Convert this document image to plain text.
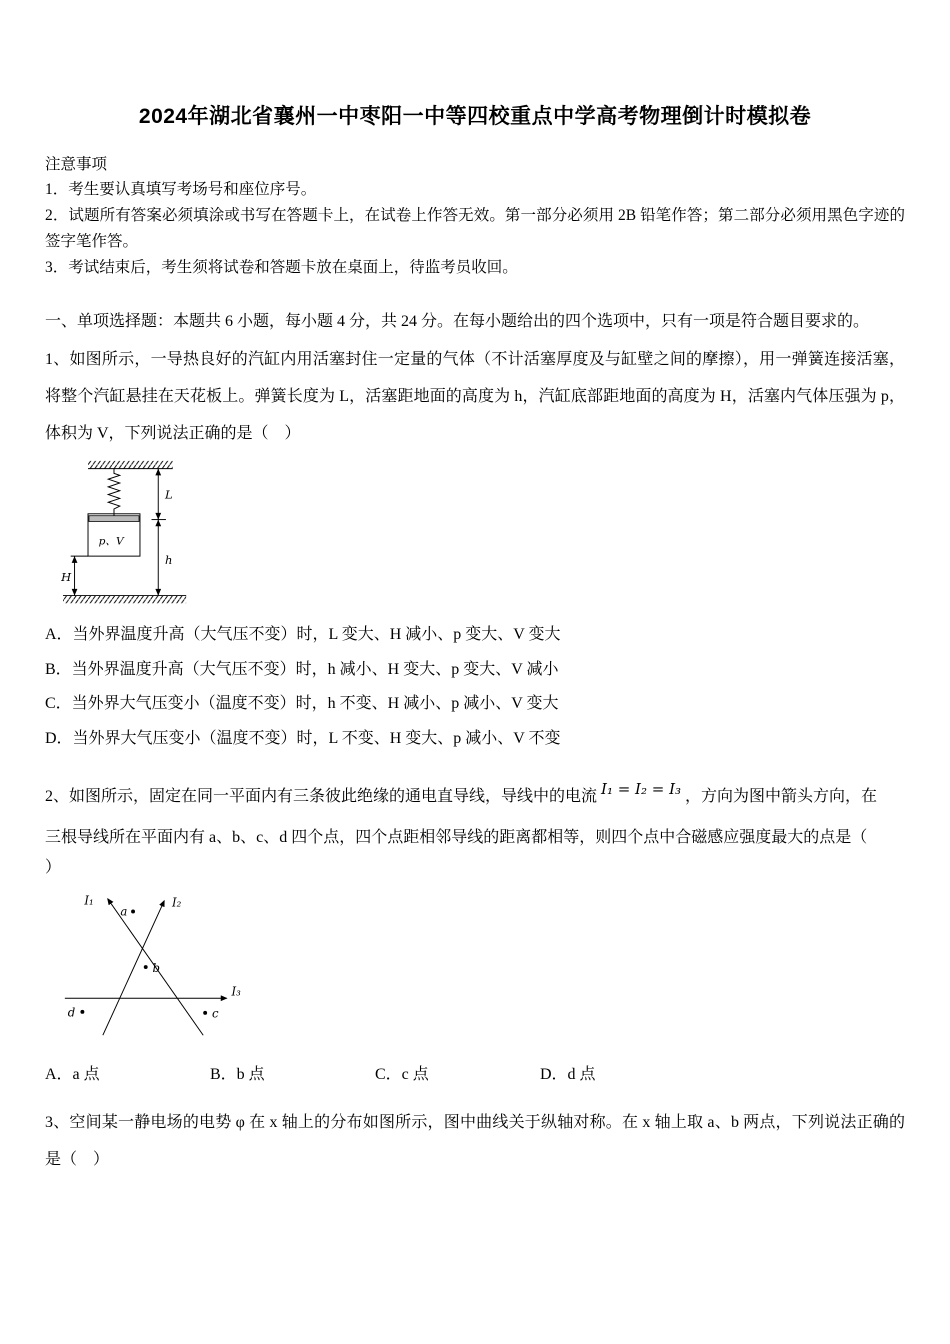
2024年湖北省襄州一中枣阳一中等四校重点中学高考物理倒计时模拟卷

注意事项

1．考生要认真填写考场号和座位序号。

2．试题所有答案必须填涂或书写在答题卡上，在试卷上作答无效。第一部分必须用 2B 铅笔作答；第二部分必须用黑色字迹的签字笔作答。

3．考试结束后，考生须将试卷和答题卡放在桌面上，待监考员收回。

一、单项选择题：本题共 6 小题，每小题 4 分，共 24 分。在每小题给出的四个选项中，只有一项是符合题目要求的。

1、如图所示，一导热良好的汽缸内用活塞封住一定量的气体（不计活塞厚度及与缸壁之间的摩擦），用一弹簧连接活塞，将整个汽缸悬挂在天花板上。弹簧长度为 L，活塞距地面的高度为 h，汽缸底部距地面的高度为 H，活塞内气体压强为 p，体积为 V，下列说法正确的是（　）

p、V
L
h
H

A．当外界温度升高（大气压不变）时，L 变大、H 减小、p 变大、V 变大

B．当外界温度升高（大气压不变）时，h 减小、H 变大、p 变大、V 减小

C．当外界大气压变小（温度不变）时，h 不变、H 减小、p 减小、V 变大

D．当外界大气压变小（温度不变）时，L 不变、H 变大、p 减小、V 不变

2、如图所示，固定在同一平面内有三条彼此绝缘的通电直导线，导线中的电流 I₁ = I₂ = I₃ ，方向为图中箭头方向，在
三根导线所在平面内有 a、b、c、d 四个点，四个点距相邻导线的距离都相等，则四个点中合磁感应强度最大的点是（
）
I₁	I₂
I₃
a
b
c
d
A．a 点	B．b 点	C．c 点	D．d 点

3、空间某一静电场的电势 φ 在 x 轴上的分布如图所示，图中曲线关于纵轴对称。在 x 轴上取 a、b 两点，下列说法正确的是（　）
